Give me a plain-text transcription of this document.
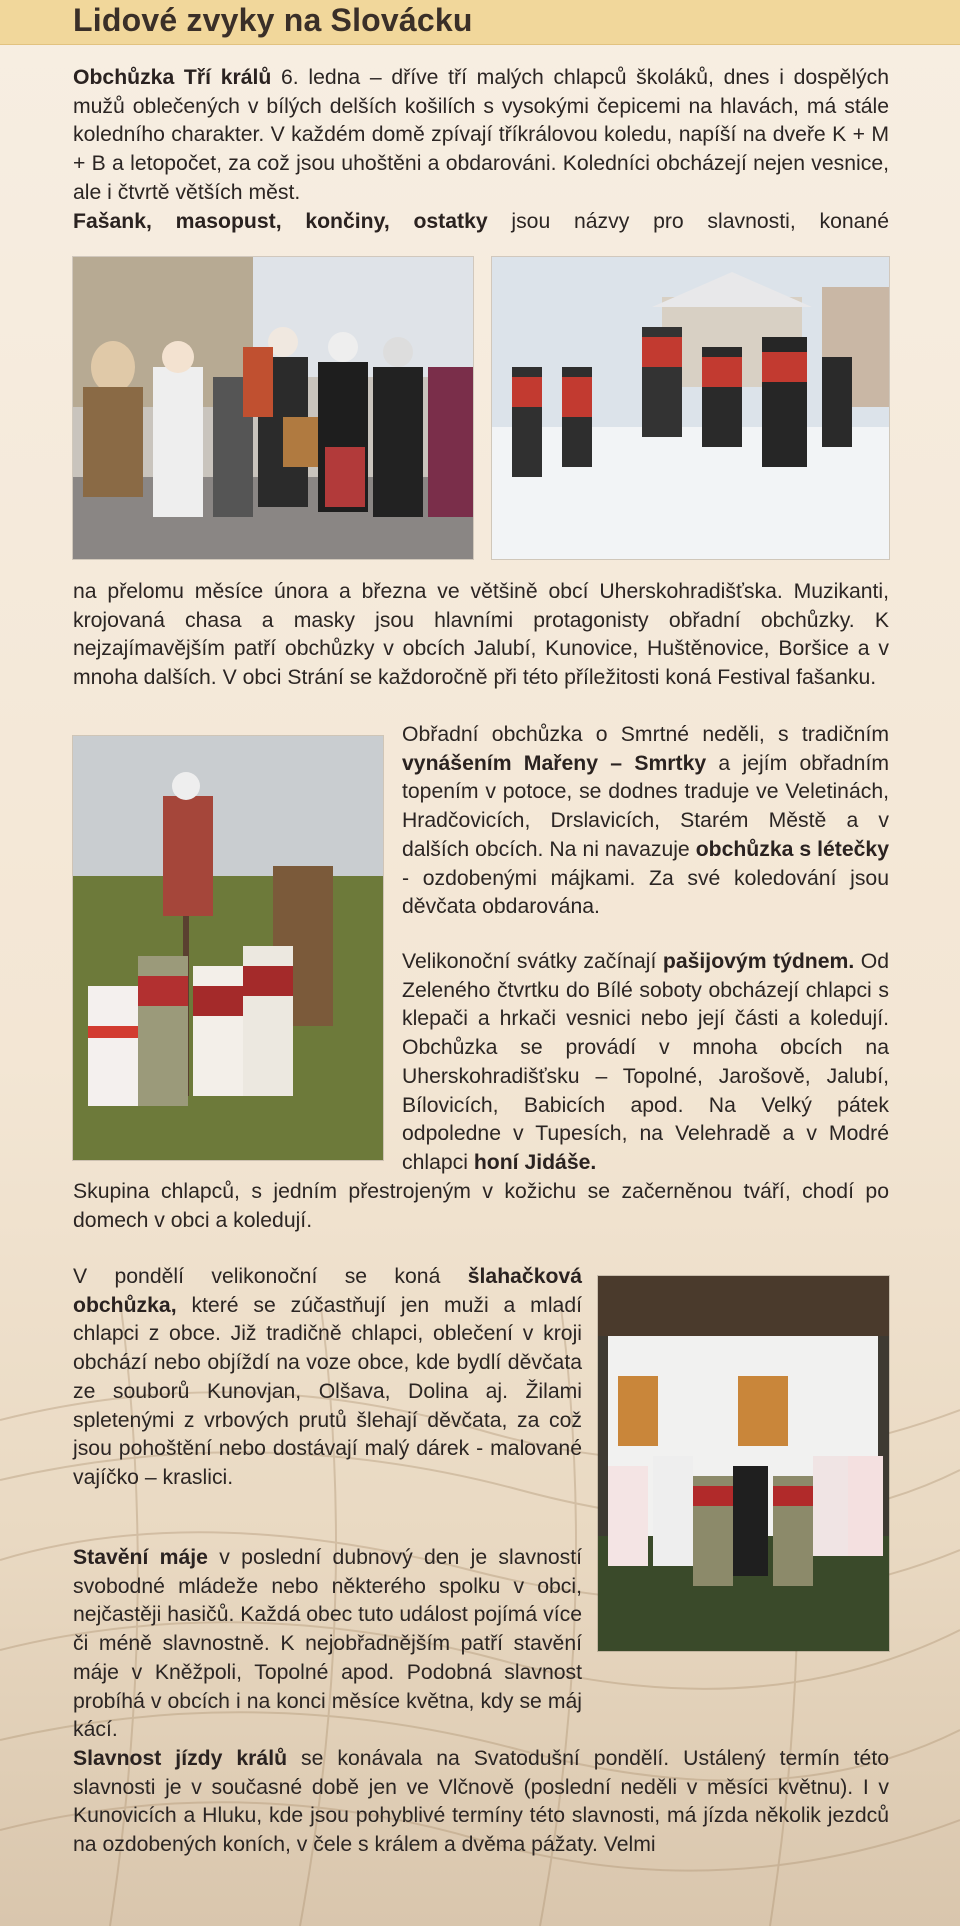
Lidové zvyky na Slovácku

Obchůzka Tří králů 6. ledna – dříve tří malých chlapců školáků, dnes i dospělých mužů oblečených v bílých delších košilích s vysokými čepicemi na hlavách, má stále koledního charakter. V každém domě zpívají tříkrálovou koledu, napíší na dveře K + M + B a letopočet, za což jsou uhoštěni a obdarováni. Koledníci obcházejí nejen vesnice, ale i čtvrtě větších měst.

Fašank, masopust, končiny, ostatky jsou názvy pro slavnosti, konané

na přelomu měsíce února a března ve většině obcí Uherskohradišťska. Muzikanti, krojovaná chasa a masky jsou hlavními protagonisty obřadní obchůzky. K nejzajímavějším patří obchůzky v obcích Jalubí, Kunovice, Huštěnovice, Boršice a v mnoha dalších. V obci Strání se každoročně při této příležitosti koná Festival fašanku.

Obřadní obchůzka o Smrtné neděli, s tradičním vynášením Mařeny – Smrtky a jejím obřadním topením v potoce, se dodnes traduje ve Veletinách, Hradčovicích, Drslavicích, Starém Městě a v dalších obcích. Na ni navazuje obchůzka s létečky - ozdobenými májkami. Za své koledování jsou děvčata obdarována.

Velikonoční svátky začínají pašijovým týdnem. Od Zeleného čtvrtku do Bílé soboty obcházejí chlapci s klepači a hrkači vesnici nebo její části a koledují. Obchůzka se provádí v mnoha obcích na Uherskohradišťsku – Topolné, Jarošově, Jalubí, Bílovicích, Babicích apod. Na Velký pátek odpoledne v Tupesích, na Velehradě a v Modré chlapci honí Jidáše.

Skupina chlapců, s jedním přestrojeným v kožichu se začerněnou tváří, chodí po domech v obci a koledují.

V pondělí velikonoční se koná šlahačková obchůzka, které se zúčastňují jen muži a mladí chlapci z obce. Již tradičně chlapci, oblečení v kroji obchází nebo objíždí na voze obce, kde bydlí děvčata ze souborů Kunovjan, Olšava, Dolina aj. Žilami spletenými z vrbových prutů šlehají děvčata, za což jsou pohoštění nebo dostávají malý dárek - malované vajíčko – kraslici.

Stavění máje v poslední dubnový den je slavností svobodné mládeže nebo některého spolku v obci, nejčastěji hasičů. Každá obec tuto událost pojímá více či méně slavnostně. K nejobřadnějším patří stavění máje v Kněžpoli, Topolné apod. Podobná slavnost probíhá v obcích i na konci měsíce května, kdy se máj kácí.

Slavnost jízdy králů se konávala na Svatodušní pondělí. Ustálený termín této slavnosti je v současné době jen ve Vlčnově (poslední neděli v měsíci květnu). I v Kunovicích a Hluku, kde jsou pohyblivé termíny této slavnosti, má jízda několik jezdců na ozdobených koních, v čele s králem a dvěma pážaty. Velmi
